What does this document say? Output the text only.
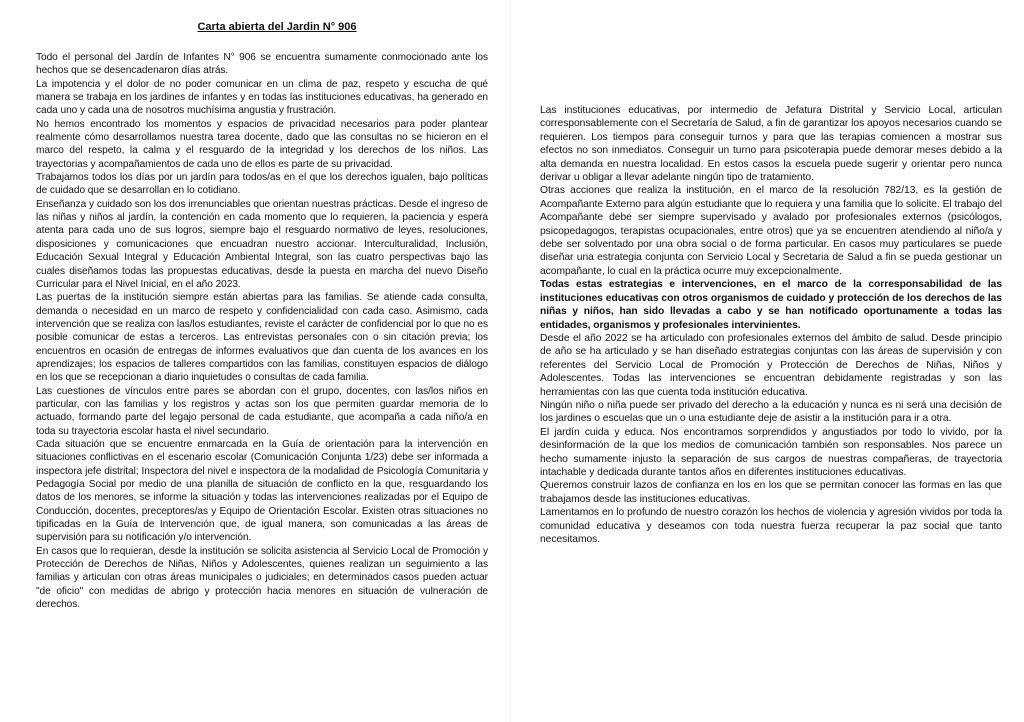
Carta abierta del Jardin N° 906

Todo el personal del Jardín de Infantes N° 906 se encuentra sumamente conmocionado ante los hechos que se desencadenaron días atrás.

La impotencia y el dolor de no poder comunicar en un clima de paz, respeto y escucha de qué manera se trabaja en los jardines de infantes y en todas las instituciones educativas, ha generado en cada uno y cada una de nosotros muchísima angustia y frustración.

No hemos encontrado los momentos y espacios de privacidad necesarios para poder plantear realmente cómo desarrollamos nuestra tarea docente, dado que las consultas no se hicieron en el marco del respeto, la calma y el resguardo de la integridad y los derechos de los niños. Las trayectorias y acompañamientos de cada uno de ellos es parte de su privacidad.

Trabajamos todos los días por un jardín para todos/as en el que los derechos igualen, bajo políticas de cuidado que se desarrollan en lo cotidiano.

Enseñanza y cuidado son los dos irrenunciables que orientan nuestras prácticas. Desde el ingreso de las niñas y niños al jardín, la contención en cada momento que lo requieren, la paciencia y espera atenta para cada uno de sus logros, siempre bajo el resguardo normativo de leyes, resoluciones, disposiciones y comunicaciones que encuadran nuestro accionar. Interculturalidad, Inclusión, Educación Sexual Integral y Educación Ambiental Integral, son las cuatro perspectivas bajo las cuales diseñamos todas las propuestas educativas, desde la puesta en marcha del nuevo Diseño Curricular para el Nivel Inicial, en el año 2023.

Las puertas de la institución siempre están abiertas para las familias. Se atiende cada consulta, demanda o necesidad en un marco de respeto y confidencialidad con cada caso. Asimismo, cada intervención que se realiza con las/los estudiantes, reviste el carácter de confidencial por lo que no es posible comunicar de estas a terceros. Las entrevistas personales con o sin citación previa; los encuentros en ocasión de entregas de informes evaluativos que dan cuenta de los avances en los aprendizajes; los espacios de talleres compartidos con las familias, constituyen espacios de diálogo en los que se recepcionan a diario inquietudes o consultas de cada familia.

Las cuestiones de vínculos entre pares se abordan con el grupo, docentes, con las/los niños en particular, con las familias y los registros y actas son los que permiten guardar memoria de lo actuado, formando parte del legajo personal de cada estudiante, que acompaña a cada niño/a en toda su trayectoria escolar hasta el nivel secundario.

Cada situación que se encuentre enmarcada en la Guía de orientación para la intervención en situaciones conflictivas en el escenario escolar (Comunicación Conjunta 1/23) debe ser informada a inspectora jefe distrital; Inspectora del nivel e inspectora de la modalidad de Psicología Comunitaria y Pedagogía Social por medio de una planilla de situación de conflicto en la que, resguardando los datos de los menores, se informe la situación y todas las intervenciones realizadas por el Equipo de Conducción, docentes, preceptores/as y Equipo de Orientación Escolar. Existen otras situaciones no tipificadas en la Guía de Intervención que, de igual manera, son comunicadas a las áreas de supervisión para su notificación y/o intervención.

En casos que lo requieran, desde la institución se solicita asistencia al Servicio Local de Promoción y Protección de Derechos de Niñas, Niños y Adolescentes, quienes realizan un seguimiento a las familias y articulan con otras áreas municipales o judiciales; en determinados casos pueden actuar "de oficio" con medidas de abrigo y protección hacia menores en situación de vulneración de derechos.

Las instituciones educativas, por intermedio de Jefatura Distrital y Servicio Local, articulan corresponsablemente con el Secretaría de Salud, a fin de garantizar los apoyos necesarios cuando se requieren. Los tiempos para conseguir turnos y para que las terapias comiencen a mostrar sus efectos no son inmediatos. Conseguir un turno para psicoterapia puede demorar meses debido a la alta demanda en nuestra localidad. En estos casos la escuela puede sugerir y orientar pero nunca derivar u obligar a llevar adelante ningún tipo de tratamiento.

Otras acciones que realiza la institución, en el marco de la resolución 782/13, es la gestión de Acompañante Externo para algún estudiante que lo requiera y una familia que lo solicite. El trabajo del Acompañante debe ser siempre supervisado y avalado por profesionales externos (psicólogos, psicopedagogos, terapistas ocupacionales, entre otros) que ya se encuentren atendiendo al niño/a y debe ser solventado por una obra social o de forma particular. En casos muy particulares se puede diseñar una estrategia conjunta con Servicio Local y Secretaria de Salud a fin se pueda gestionar un acompañante, lo cual en la práctica ocurre muy excepcionalmente.

Todas estas estrategias e intervenciones, en el marco de la corresponsabilidad de las instituciones educativas con otros organismos de cuidado y protección de los derechos de las niñas y niños, han sido llevadas a cabo y se han notificado oportunamente a todas las entidades, organismos y profesionales intervinientes.

Desde el año 2022 se ha articulado con profesionales externos del ámbito de salud. Desde principio de año se ha articulado y se han diseñado estrategias conjuntas con las áreas de supervisión y con referentes del Servicio Local de Promoción y Protección de Derechos de Niñas, Niños y Adolescentes. Todas las intervenciones se encuentran debidamente registradas y son las herramientas con las que cuenta toda institución educativa.

Ningún niño o niña puede ser privado del derecho a la educación y nunca es ni será una decisión de los jardines o escuelas que un o una estudiante deje de asistir a la institución para ir a otra.

El jardín cuida y educa. Nos encontramos sorprendidos y angustiados por todo lo vivido, por la desinformación de la que los medios de comunicación también son responsables. Nos parece un hecho sumamente injusto la separación de sus cargos de nuestras compañeras, de trayectoria intachable y dedicada durante tantos años en diferentes instituciones educativas.

Queremos construir lazos de confianza en los en los que se permitan conocer las formas en las que trabajamos desde las instituciones educativas.

Lamentamos en lo profundo de nuestro corazón los hechos de violencia y agresión vividos por toda la comunidad educativa y deseamos con toda nuestra fuerza recuperar la paz social que tanto necesitamos.
